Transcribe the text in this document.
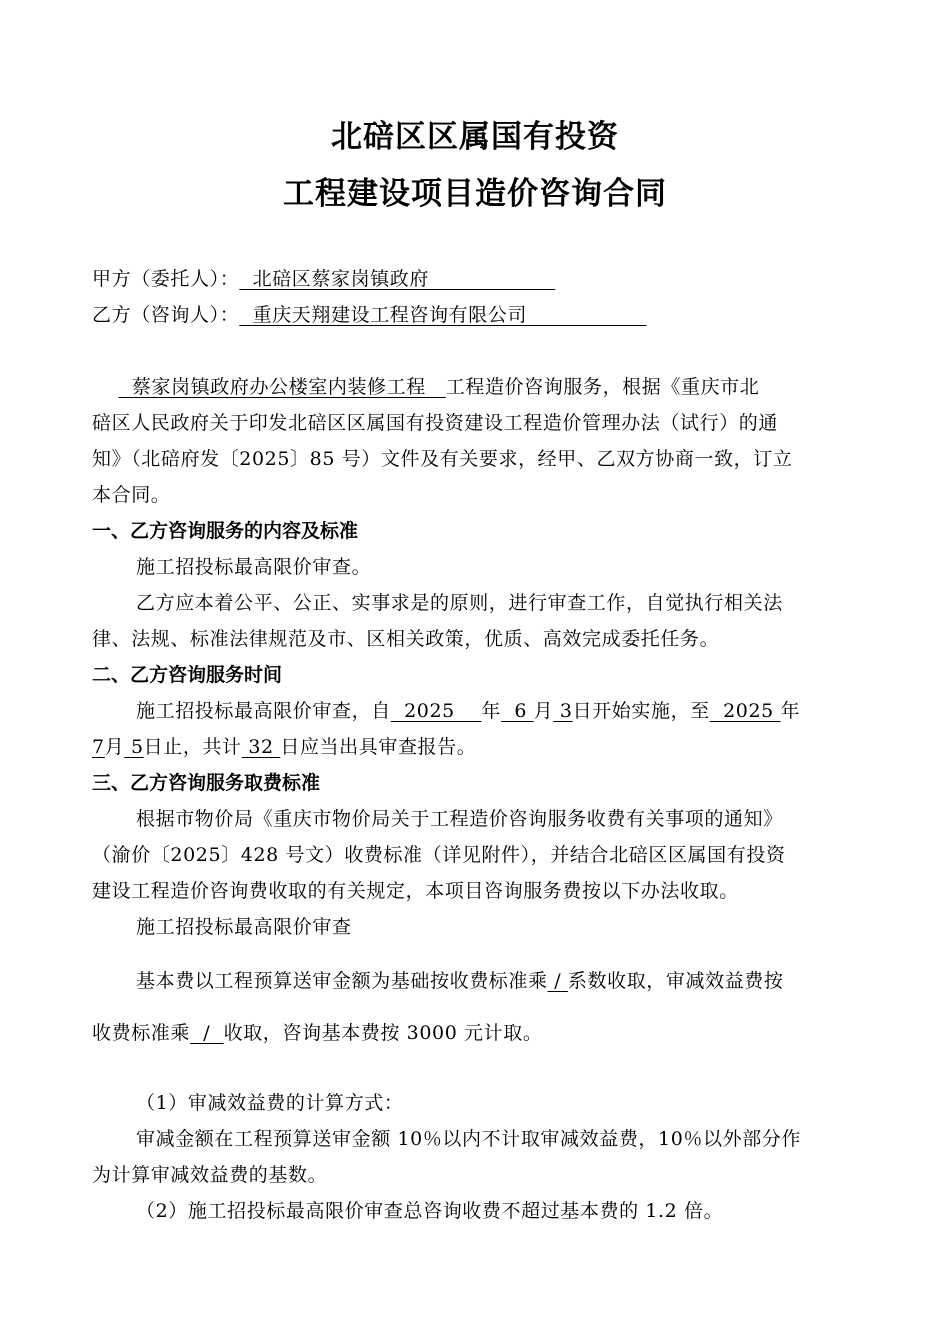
北碚区区属国有投资
工程建设项目造价咨询合同
甲方（委托人）： 北碚区蔡家岗镇政府
乙方（咨询人）： 重庆天翔建设工程咨询有限公司
蔡家岗镇政府办公楼室内装修工程 工程造价咨询服务，根据《重庆市北
碚区人民政府关于印发北碚区区属国有投资建设工程造价管理办法（试行）的通
知》（北碚府发〔2025〕85 号）文件及有关要求，经甲、乙双方协商一致，订立
本合同。
一、乙方咨询服务的内容及标准
施工招投标最高限价审查。
乙方应本着公平、公正、实事求是的原则，进行审查工作，自觉执行相关法
律、法规、标准法律规范及市、区相关政策，优质、高效完成委托任务。
二、乙方咨询服务时间
施工招投标最高限价审查，自 2025 年 6 月 3日开始实施，至 2025 年
7月 5日止，共计 32 日应当出具审查报告。
三、乙方咨询服务取费标准
根据市物价局《重庆市物价局关于工程造价咨询服务收费有关事项的通知》
（渝价〔2025〕428 号文）收费标准（详见附件），并结合北碚区区属国有投资
建设工程造价咨询费收取的有关规定，本项目咨询服务费按以下办法收取。
施工招投标最高限价审查
基本费以工程预算送审金额为基础按收费标准乘 / 系数收取，审减效益费按
收费标准乘 / 收取，咨询基本费按 3000 元计取。
（1）审减效益费的计算方式：
审减金额在工程预算送审金额 10％以内不计取审减效益费，10％以外部分作
为计算审减效益费的基数。
（2）施工招投标最高限价审查总咨询收费不超过基本费的 1.2 倍。
